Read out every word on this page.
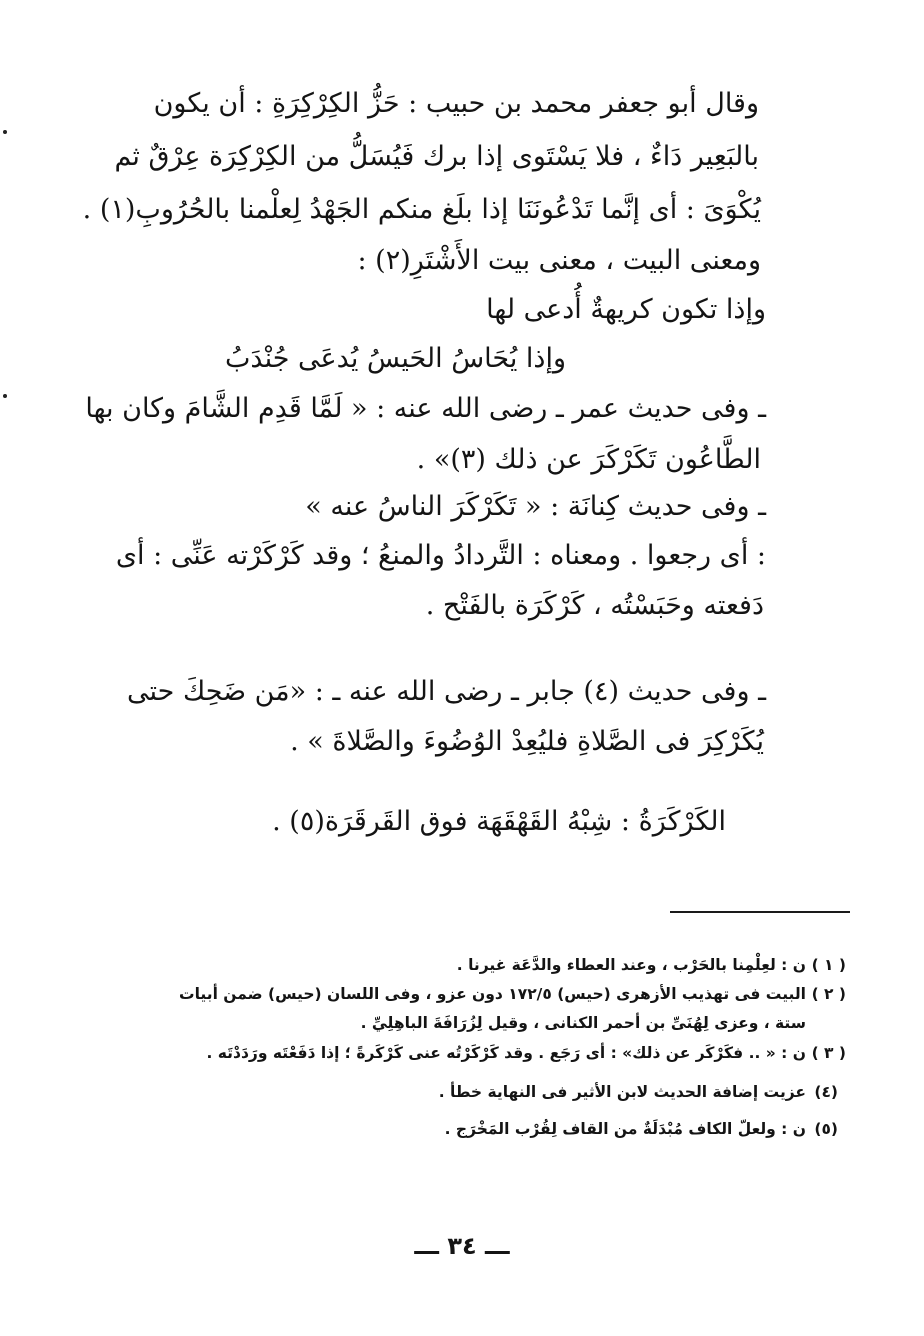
وقال أبو جعفر محمد بن حبيب : حَزُّ الكِرْكِرَةِ : أن يكون
بالبَعِير دَاءٌ ، فلا يَسْتَوى إذا برك فَيُسَلُّ من الكِرْكِرَة عِرْقٌ ثم
يُكْوَىَ : أى إنَّما تَدْعُونَنَا إذا بلَغ منكم الجَهْدُ لِعلْمنا بالحُرُوبِ(١) .
ومعنى البيت ، معنى بيت الأَشْتَرِ(٢) :
وإذا تكون كريهةٌ أُدعى لها
وإذا يُحَاسُ الحَيسُ يُدعَى جُنْدَبُ
ـ وفى حديث عمر ـ رضى الله عنه : « لَمَّا قَدِم الشَّامَ وكان بها
الطَّاعُون تَكَرْكَرَ عن ذلك (٣)» .
ـ وفى حديث كِنانَة : « تَكَرْكَرَ الناسُ عنه »
: أى رجعوا . ومعناه : التَّردادُ والمنعُ ؛ وقد كَرْكَرْته عَنِّى : أى
دَفعته وحَبَسْتُه ، كَرْكَرَة بالفَتْح .
ـ وفى حديث (٤) جابر ـ رضى الله عنه ـ : «مَن ضَحِكَ حتى
يُكَرْكِرَ فى الصَّلاةِ فليُعِدْ الوُضُوءَ والصَّلاةَ » .
الكَرْكَرَةُ : شِبْهُ القَهْقَهَة فوق القَرقَرَة(٥) .
( ١ )
ن : لعِلْمِنا بالحَرْب ، وعند العطاء والدَّعَة غيرنا .
( ٢ )
البيت فى تهذيب الأزهرى (حيس) ١٧٢/٥ دون عزو ، وفى اللسان (حيس) ضمن أبيات
ستة ، وعزى لِهُنَىِّ بن أحمر الكنانى ، وقيل لِزُرَافَةَ الباهِلِيِّ .
( ٣ )
ن : « .. فكَرْكَر عن ذلك» : أى رَجَع . وقد كَرْكَرْتُه عنى كَرْكَرةً ؛ إذا دَفَعْتَه ورَدَدْتَه .
(٤)
عزيت إضافة الحديث لابن الأثير فى النهاية خطأ .
(٥)
ن : ولعلّ الكاف مُبْدَلَةٌ من القاف لِقُرْب المَخْرَج .
ـــ ٣٤ ـــ
